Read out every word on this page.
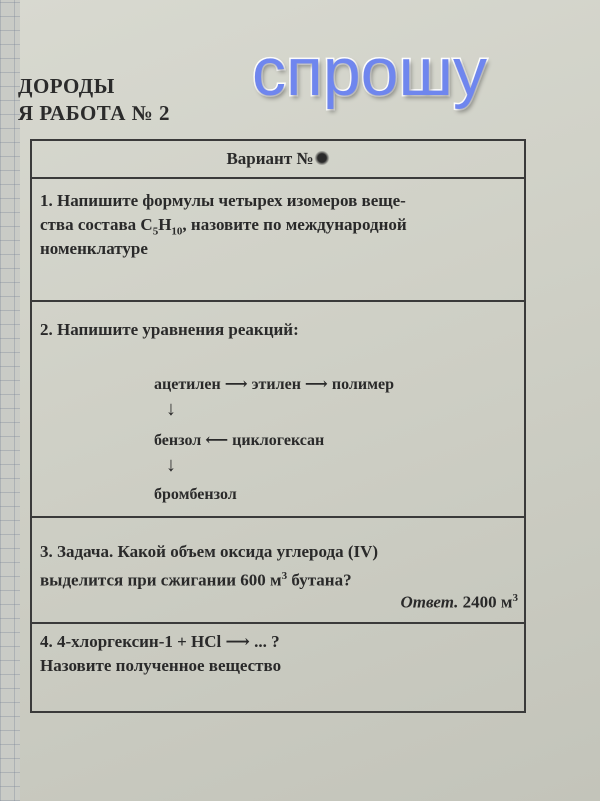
ДОРОДЫ
Я РАБОТА № 2
спрошу
Вариант №
1. Напишите формулы четырех изомеров веще-
ства состава $C_5H_{10}$, назовите по международной
номенклатуре
2. Напишите уравнения реакций:
ацетилен ⟶ этилен ⟶ полимер
↓
бензол ⟵ циклогексан
↓
бромбензол
3. Задача. Какой объем оксида углерода (IV)
выделится при сжигании 600 $м^3$ бутана?
Ответ. 2400 $м^3$
4. 4-хлоргексин-1 + HCl ⟶ ... ?
Назовите полученное вещество
